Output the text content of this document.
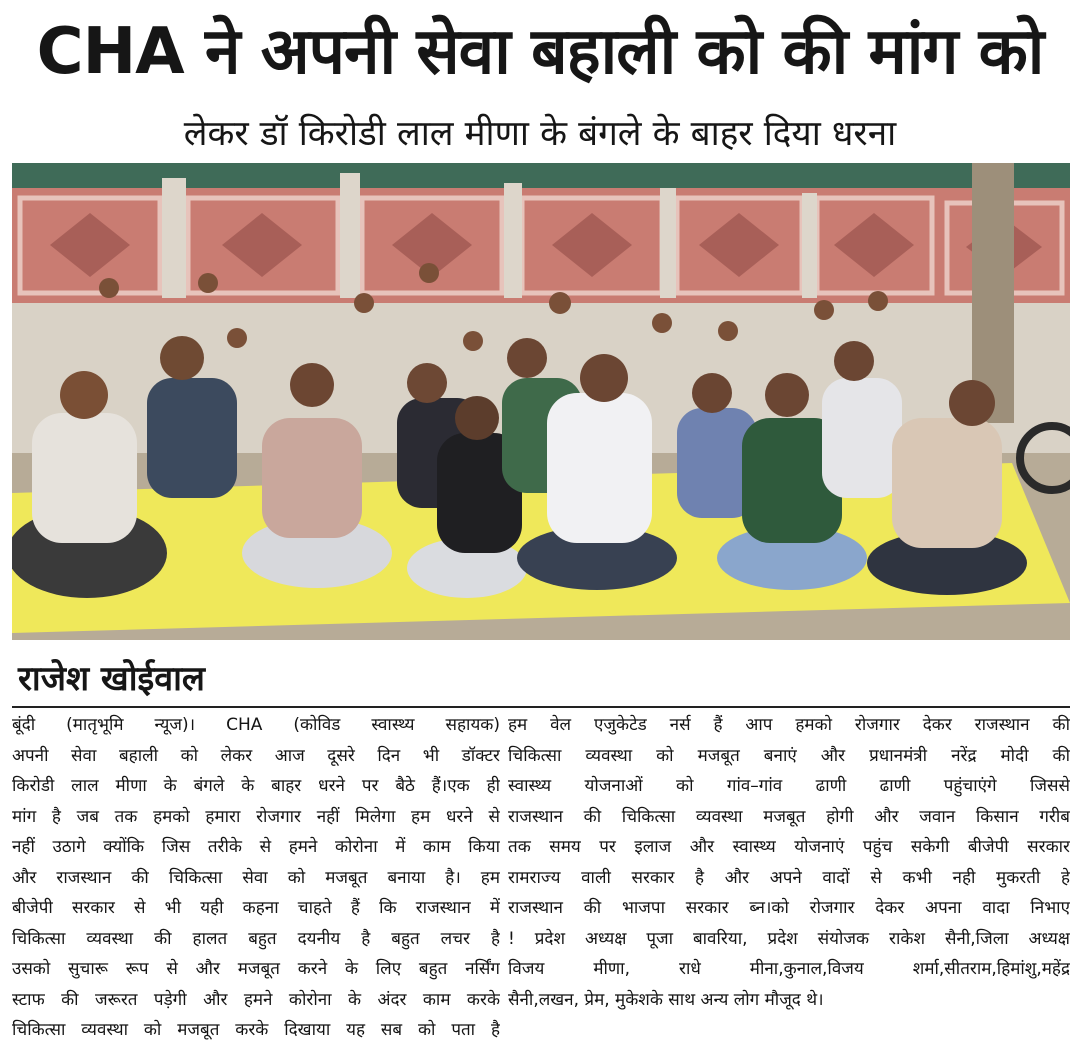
CHA ने अपनी सेवा बहाली को की मांग को
लेकर डॉ किरोडी लाल मीणा के बंगले के बाहर दिया धरना
राजेश खोईवाल
बूंदी (मातृभूमि न्यूज)। CHA (कोविड स्वास्थ्य सहायक)
अपनी सेवा बहाली को लेकर आज दूसरे दिन भी डॉक्टर
किरोडी लाल मीणा के बंगले के बाहर धरने पर बैठे हैं।एक ही
मांग है जब तक हमको हमारा रोजगार नहीं मिलेगा हम धरने से
नहीं उठागे क्योंकि जिस तरीके से हमने कोरोना में काम किया
और राजस्थान की चिकित्सा सेवा को मजबूत बनाया है। हम
बीजेपी सरकार से भी यही कहना चाहते हैं कि राजस्थान में
चिकित्सा व्यवस्था की हालत बहुत दयनीय है बहुत लचर है
उसको सुचारू रूप से और मजबूत करने के लिए बहुत नर्सिंग
स्टाफ की जरूरत पड़ेगी और हमने कोरोना के अंदर काम करके
चिकित्सा व्यवस्था को मजबूत करके दिखाया यह सब को पता है
हम वेल एजुकेटेड नर्स हैं आप हमको रोजगार देकर राजस्थान की
चिकित्सा व्यवस्था को मजबूत बनाएं और प्रधानमंत्री नरेंद्र मोदी की
स्वास्थ्य योजनाओं को गांव–गांव ढाणी ढाणी पहुंचाएंगे जिससे
राजस्थान की चिकित्सा व्यवस्था मजबूत होगी और जवान किसान गरीब
तक समय पर इलाज और स्वास्थ्य योजनाएं पहुंच सकेगी बीजेपी सरकार
रामराज्य वाली सरकार है और अपने वादों से कभी नही मुकरती हे
राजस्थान की भाजपा सरकार ब्न।को रोजगार देकर अपना वादा निभाए
! प्रदेश अध्यक्ष पूजा बावरिया, प्रदेश संयोजक राकेश सैनी,जिला अध्यक्ष
विजय मीणा, राधे मीना,कुनाल,विजय शर्मा,सीतराम,हिमांशु,महेंद्र
सैनी,लखन, प्रेम, मुकेशके साथ अन्य लोग मौजूद थे।
